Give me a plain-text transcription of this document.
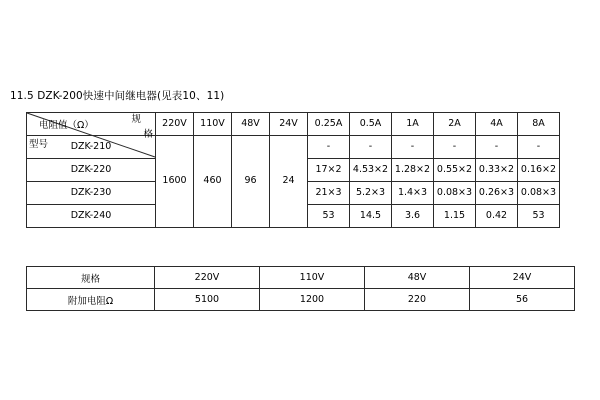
11.5 DZK-200快速中间继电器(见表10、11)
规
格
电阻值（Ω）
型号	220V	110V	48V	24V	0.25A	0.5A	1A	2A	4A	8A

DZK-210	1600	460	96	24	-	-	-	-	-	-
DZK-220					17×2	4.53×2	1.28×2	0.55×2	0.33×2	0.16×2
DZK-230					21×3	5.2×3	1.4×3	0.08×3	0.26×3	0.08×3
DZK-240					53	14.5	3.6	1.15	0.42	53
规格	220V	110V	48V	24V
附加电阻Ω	5100	1200	220	56
